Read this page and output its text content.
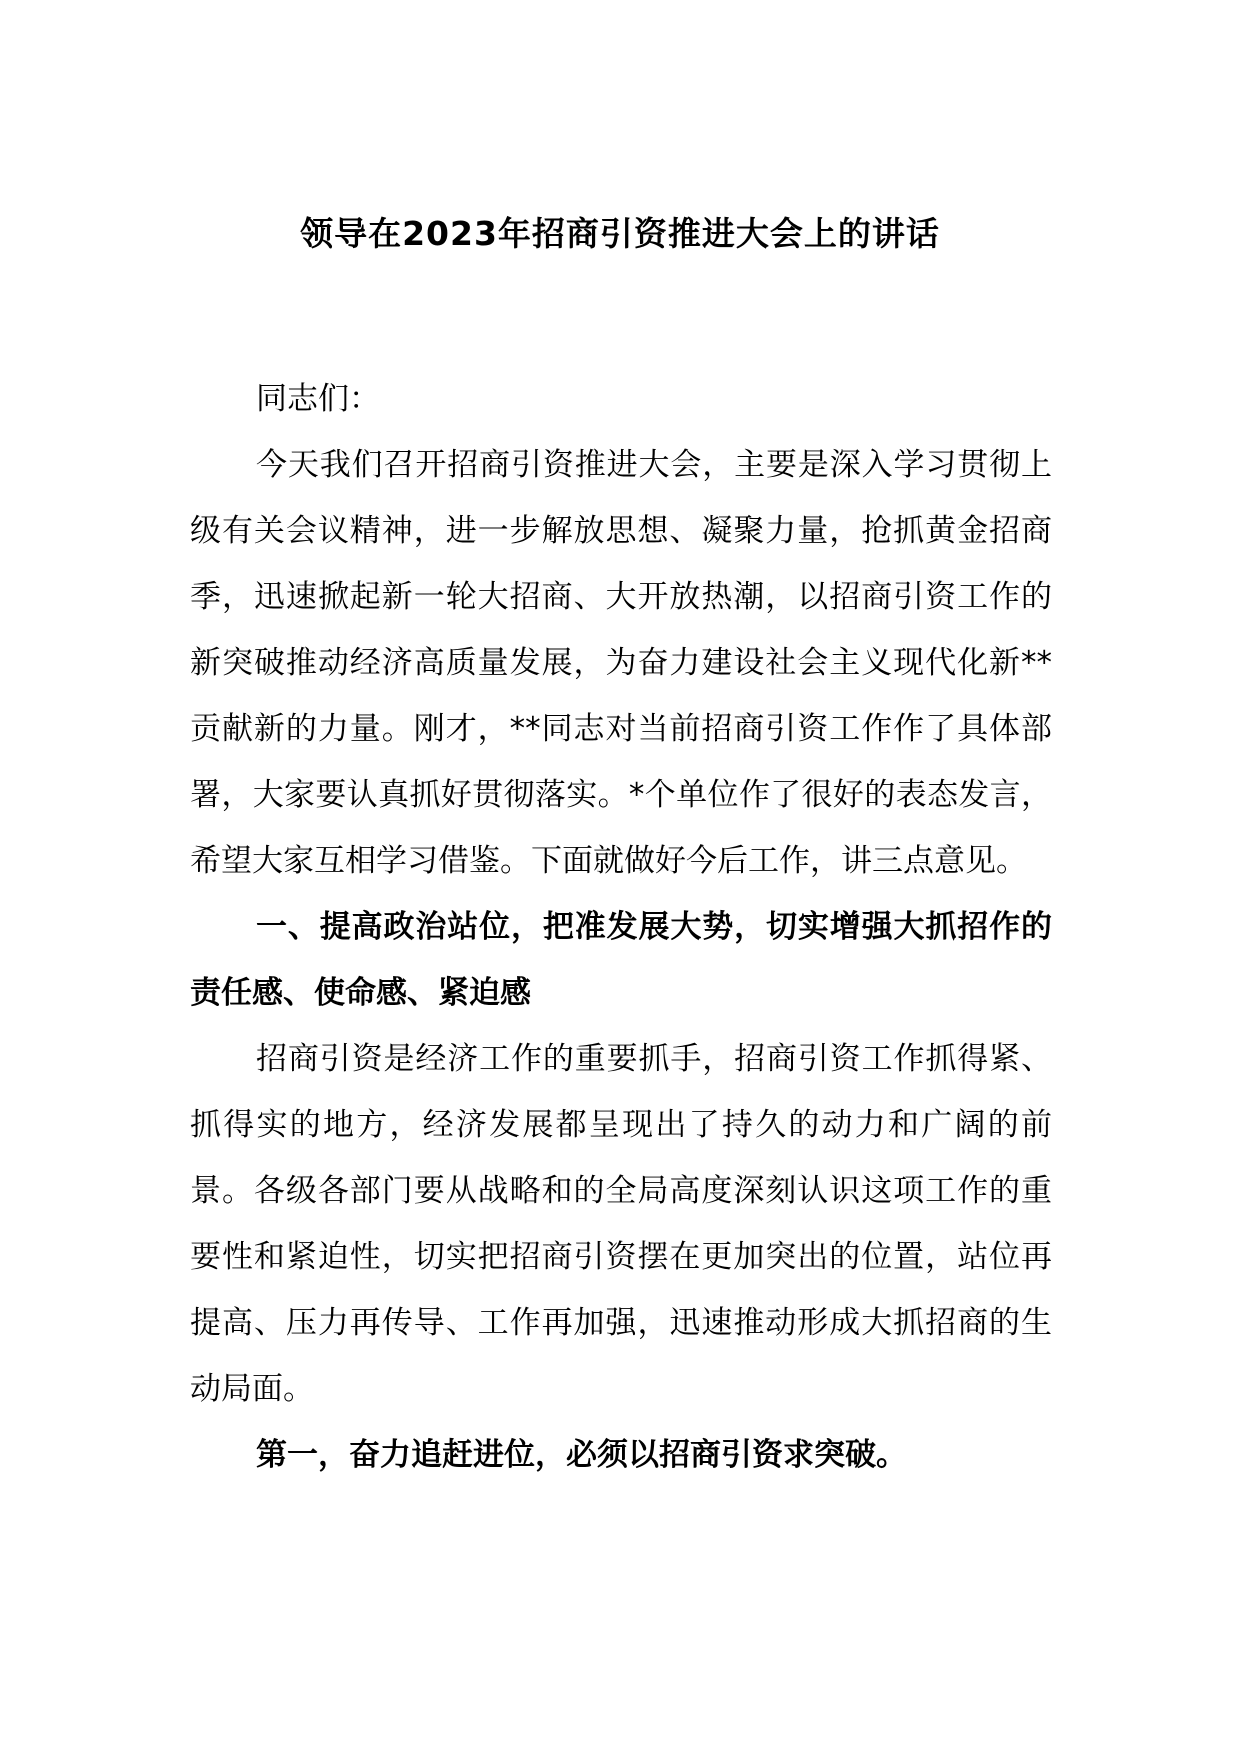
领导在2023年招商引资推进大会上的讲话

同志们：

今天我们召开招商引资推进大会，主要是深入学习贯彻上级有关会议精神，进一步解放思想、凝聚力量，抢抓黄金招商季，迅速掀起新一轮大招商、大开放热潮，以招商引资工作的新突破推动经济高质量发展，为奋力建设社会主义现代化新**贡献新的力量。刚才，**同志对当前招商引资工作作了具体部署，大家要认真抓好贯彻落实。*个单位作了很好的表态发言，希望大家互相学习借鉴。下面就做好今后工作，讲三点意见。

一、提高政治站位，把准发展大势，切实增强大抓招作的责任感、使命感、紧迫感

招商引资是经济工作的重要抓手，招商引资工作抓得紧、抓得实的地方，经济发展都呈现出了持久的动力和广阔的前景。各级各部门要从战略和的全局高度深刻认识这项工作的重要性和紧迫性，切实把招商引资摆在更加突出的位置，站位再提高、压力再传导、工作再加强，迅速推动形成大抓招商的生动局面。

第一，奋力追赶进位，必须以招商引资求突破。
